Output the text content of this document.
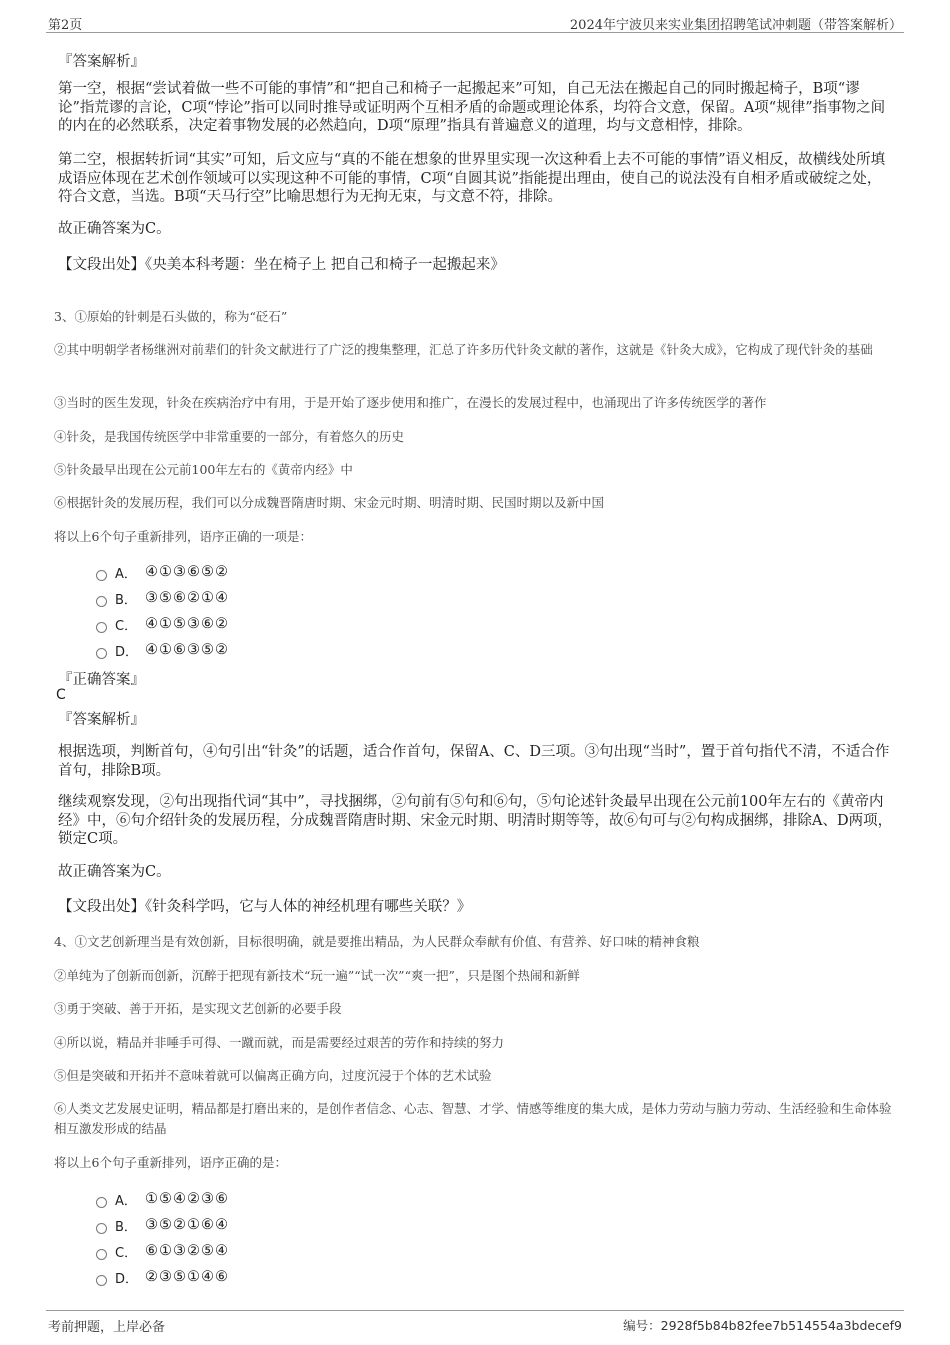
第2页	2024年宁波贝来实业集团招聘笔试冲刺题（带答案解析）
『答案解析』
第一空，根据“尝试着做一些不可能的事情”和“把自己和椅子一起搬起来”可知，自己无法在搬起自己的同时搬起椅子，B项“谬论”指荒谬的言论，C项“悖论”指可以同时推导或证明两个互相矛盾的命题或理论体系，均符合文意，保留。A项“规律”指事物之间的内在的必然联系，决定着事物发展的必然趋向，D项“原理”指具有普遍意义的道理，均与文意相悖，排除。
第二空，根据转折词“其实”可知，后文应与“真的不能在想象的世界里实现一次这种看上去不可能的事情”语义相反，故横线处所填成语应体现在艺术创作领域可以实现这种不可能的事情，C项“自圆其说”指能提出理由，使自己的说法没有自相矛盾或破绽之处，符合文意，当选。B项“天马行空”比喻思想行为无拘无束，与文意不符，排除。
故正确答案为C。
【文段出处】《央美本科考题：坐在椅子上 把自己和椅子一起搬起来》
3、①原始的针刺是石头做的，称为“砭石”
②其中明朝学者杨继洲对前辈们的针灸文献进行了广泛的搜集整理，汇总了许多历代针灸文献的著作，这就是《针灸大成》，它构成了现代针灸的基础
③当时的医生发现，针灸在疾病治疗中有用，于是开始了逐步使用和推广，在漫长的发展过程中，也涌现出了许多传统医学的著作
④针灸，是我国传统医学中非常重要的一部分，有着悠久的历史
⑤针灸最早出现在公元前100年左右的《黄帝内经》中
⑥根据针灸的发展历程，我们可以分成魏晋隋唐时期、宋金元时期、明清时期、民国时期以及新中国
将以上6个句子重新排列，语序正确的一项是：
A． ④①③⑥⑤②
B． ③⑤⑥②①④
C． ④①⑤③⑥②
D． ④①⑥③⑤②
『正确答案』
C
『答案解析』
根据选项，判断首句，④句引出“针灸”的话题，适合作首句，保留A、C、D三项。③句出现“当时”，置于首句指代不清，不适合作首句，排除B项。
继续观察发现，②句出现指代词“其中”，寻找捆绑，②句前有⑤句和⑥句，⑤句论述针灸最早出现在公元前100年左右的《黄帝内经》中，⑥句介绍针灸的发展历程，分成魏晋隋唐时期、宋金元时期、明清时期等等，故⑥句可与②句构成捆绑，排除A、D两项，锁定C项。
故正确答案为C。
【文段出处】《针灸科学吗，它与人体的神经机理有哪些关联？》
4、①文艺创新理当是有效创新，目标很明确，就是要推出精品，为人民群众奉献有价值、有营养、好口味的精神食粮
②单纯为了创新而创新，沉醉于把现有新技术“玩一遍”“试一次”“爽一把”，只是图个热闹和新鲜
③勇于突破、善于开拓，是实现文艺创新的必要手段
④所以说，精品并非唾手可得、一蹴而就，而是需要经过艰苦的劳作和持续的努力
⑤但是突破和开拓并不意味着就可以偏离正确方向，过度沉浸于个体的艺术试验
⑥人类文艺发展史证明，精品都是打磨出来的，是创作者信念、心志、智慧、才学、情感等维度的集大成，是体力劳动与脑力劳动、生活经验和生命体验相互激发形成的结晶
将以上6个句子重新排列，语序正确的是：
A． ①⑤④②③⑥
B． ③⑤②①⑥④
C． ⑥①③②⑤④
D． ②③⑤①④⑥
考前押题，上岸必备	编号：2928f5b84b82fee7b514554a3bdecef9
